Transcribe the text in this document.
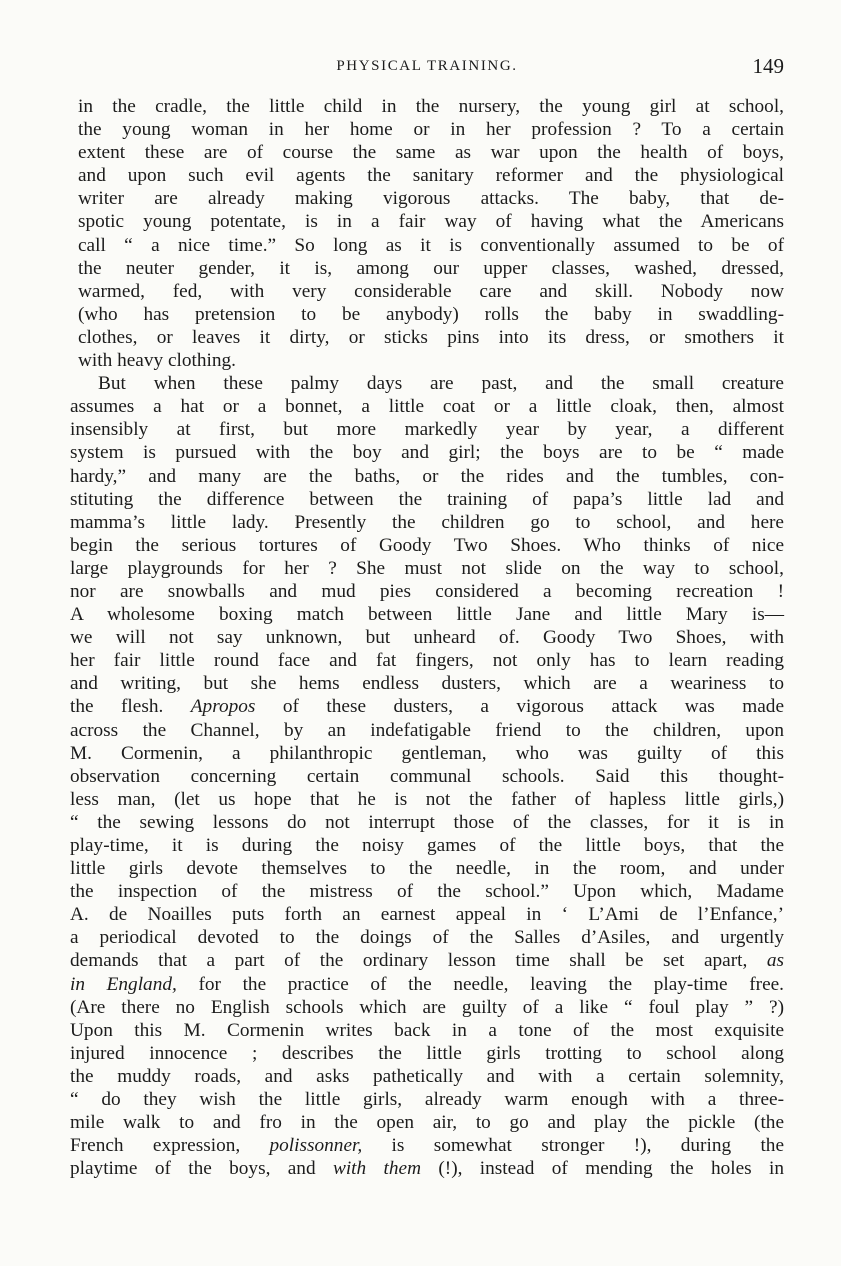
PHYSICAL TRAINING.	149
in the cradle, the little child in the nursery, the young girl at school,
the young woman in her home or in her profession ? To a certain
extent these are of course the same as war upon the health of boys,
and upon such evil agents the sanitary reformer and the physiological
writer are already making vigorous attacks. The baby, that de-
spotic young potentate, is in a fair way of having what the Americans
call “ a nice time.” So long as it is conventionally assumed to be of
the neuter gender, it is, among our upper classes, washed, dressed,
warmed, fed, with very considerable care and skill. Nobody now
(who has pretension to be anybody) rolls the baby in swaddling-
clothes, or leaves it dirty, or sticks pins into its dress, or smothers it
with heavy clothing.
But when these palmy days are past, and the small creature
assumes a hat or a bonnet, a little coat or a little cloak, then, almost
insensibly at first, but more markedly year by year, a different
system is pursued with the boy and girl; the boys are to be “ made
hardy,” and many are the baths, or the rides and the tumbles, con-
stituting the difference between the training of papa’s little lad and
mamma’s little lady. Presently the children go to school, and here
begin the serious tortures of Goody Two Shoes. Who thinks of nice
large playgrounds for her ? She must not slide on the way to school,
nor are snowballs and mud pies considered a becoming recreation !
A wholesome boxing match between little Jane and little Mary is—
we will not say unknown, but unheard of. Goody Two Shoes, with
her fair little round face and fat fingers, not only has to learn reading
and writing, but she hems endless dusters, which are a weariness to
the flesh. Apropos of these dusters, a vigorous attack was made
across the Channel, by an indefatigable friend to the children, upon
M. Cormenin, a philanthropic gentleman, who was guilty of this
observation concerning certain communal schools. Said this thought-
less man, (let us hope that he is not the father of hapless little girls,)
“ the sewing lessons do not interrupt those of the classes, for it is in
play-time, it is during the noisy games of the little boys, that the
little girls devote themselves to the needle, in the room, and under
the inspection of the mistress of the school.” Upon which, Madame
A. de Noailles puts forth an earnest appeal in ‘ L’Ami de l’Enfance,’
a periodical devoted to the doings of the Salles d’Asiles, and urgently
demands that a part of the ordinary lesson time shall be set apart, as
in England, for the practice of the needle, leaving the play-time free.
(Are there no English schools which are guilty of a like “ foul play ” ?)
Upon this M. Cormenin writes back in a tone of the most exquisite
injured innocence ; describes the little girls trotting to school along
the muddy roads, and asks pathetically and with a certain solemnity,
“ do they wish the little girls, already warm enough with a three-
mile walk to and fro in the open air, to go and play the pickle (the
French expression, polissonner, is somewhat stronger !), during the
playtime of the boys, and with them (!), instead of mending the holes in
